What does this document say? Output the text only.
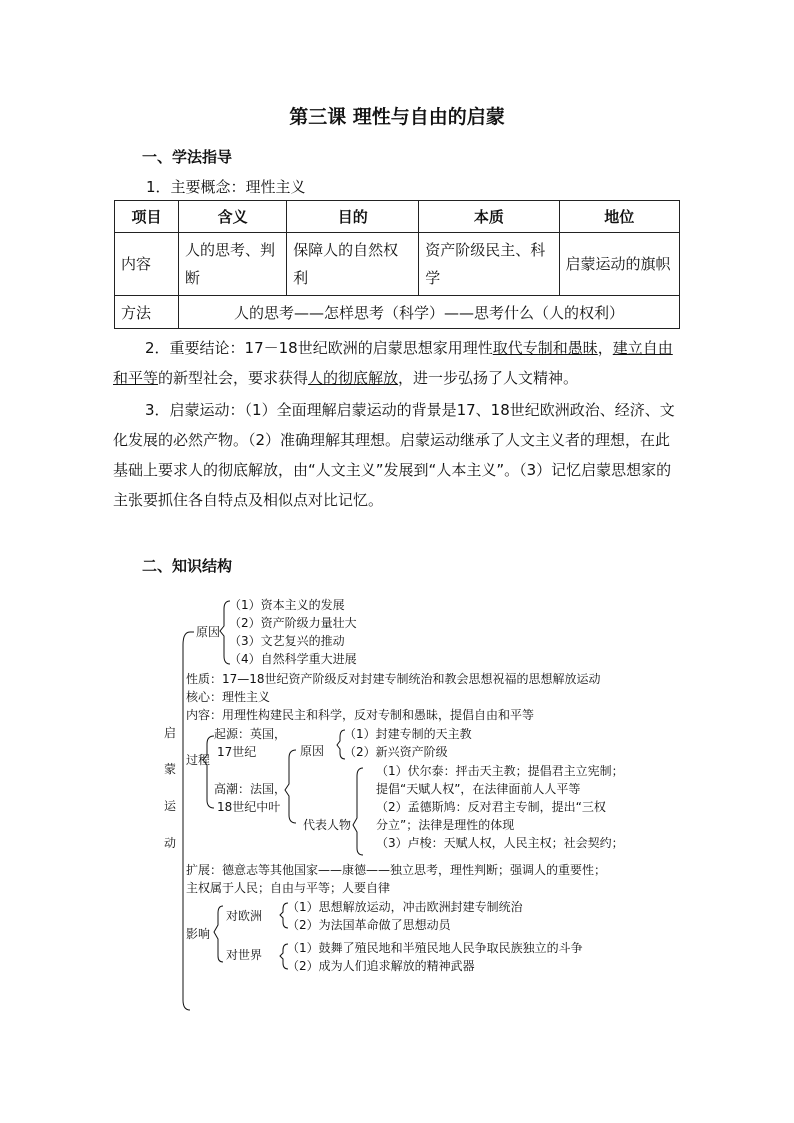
第三课 理性与自由的启蒙
一、学法指导
1．主要概念：理性主义
项目	含义	目的	本质	地位
内容	人的思考、判断	保障人的自然权利	资产阶级民主、科学	启蒙运动的旗帜
方法	人的思考——怎样思考（科学）——思考什么（人的权利）			
2．重要结论：17－18世纪欧洲的启蒙思想家用理性取代专制和愚昧，建立自由和平等的新型社会，要求获得人的彻底解放，进一步弘扬了人文精神。
3．启蒙运动：（1）全面理解启蒙运动的背景是17、18世纪欧洲政治、经济、文化发展的必然产物。（2）准确理解其理想。启蒙运动继承了人文主义者的理想，在此基础上要求人的彻底解放，由“人文主义”发展到“人本主义”。（3）记忆启蒙思想家的主张要抓住各自特点及相似点对比记忆。
二、知识结构
启
蒙
运
动
原因
（1）资本主义的发展
（2）资产阶级力量壮大
（3）文艺复兴的推动
（4）自然科学重大进展
性质：17—18世纪资产阶级反对封建专制统治和教会思想祝福的思想解放运动
核心：理性主义
内容：用理性构建民主和科学，反对专制和愚昧，提倡自由和平等
过程
起源：英国，
17世纪
高潮：法国，
18世纪中叶
原因
（1）封建专制的天主教
（2）新兴资产阶级
代表人物
（1）伏尔泰：抨击天主教；提倡君主立宪制；
提倡“天赋人权”，在法律面前人人平等
（2）孟德斯鸠：反对君主专制，提出“三权
分立”；法律是理性的体现
（3）卢梭：天赋人权，人民主权；社会契约；
扩展：德意志等其他国家——康德——独立思考，理性判断；强调人的重要性；
主权属于人民；自由与平等；人要自律
影响
对欧洲
（1）思想解放运动，冲击欧洲封建专制统治
（2）为法国革命做了思想动员
对世界 （1）鼓舞了殖民地和半殖民地人民争取民族独立的斗争
（2）成为人们追求解放的精神武器
